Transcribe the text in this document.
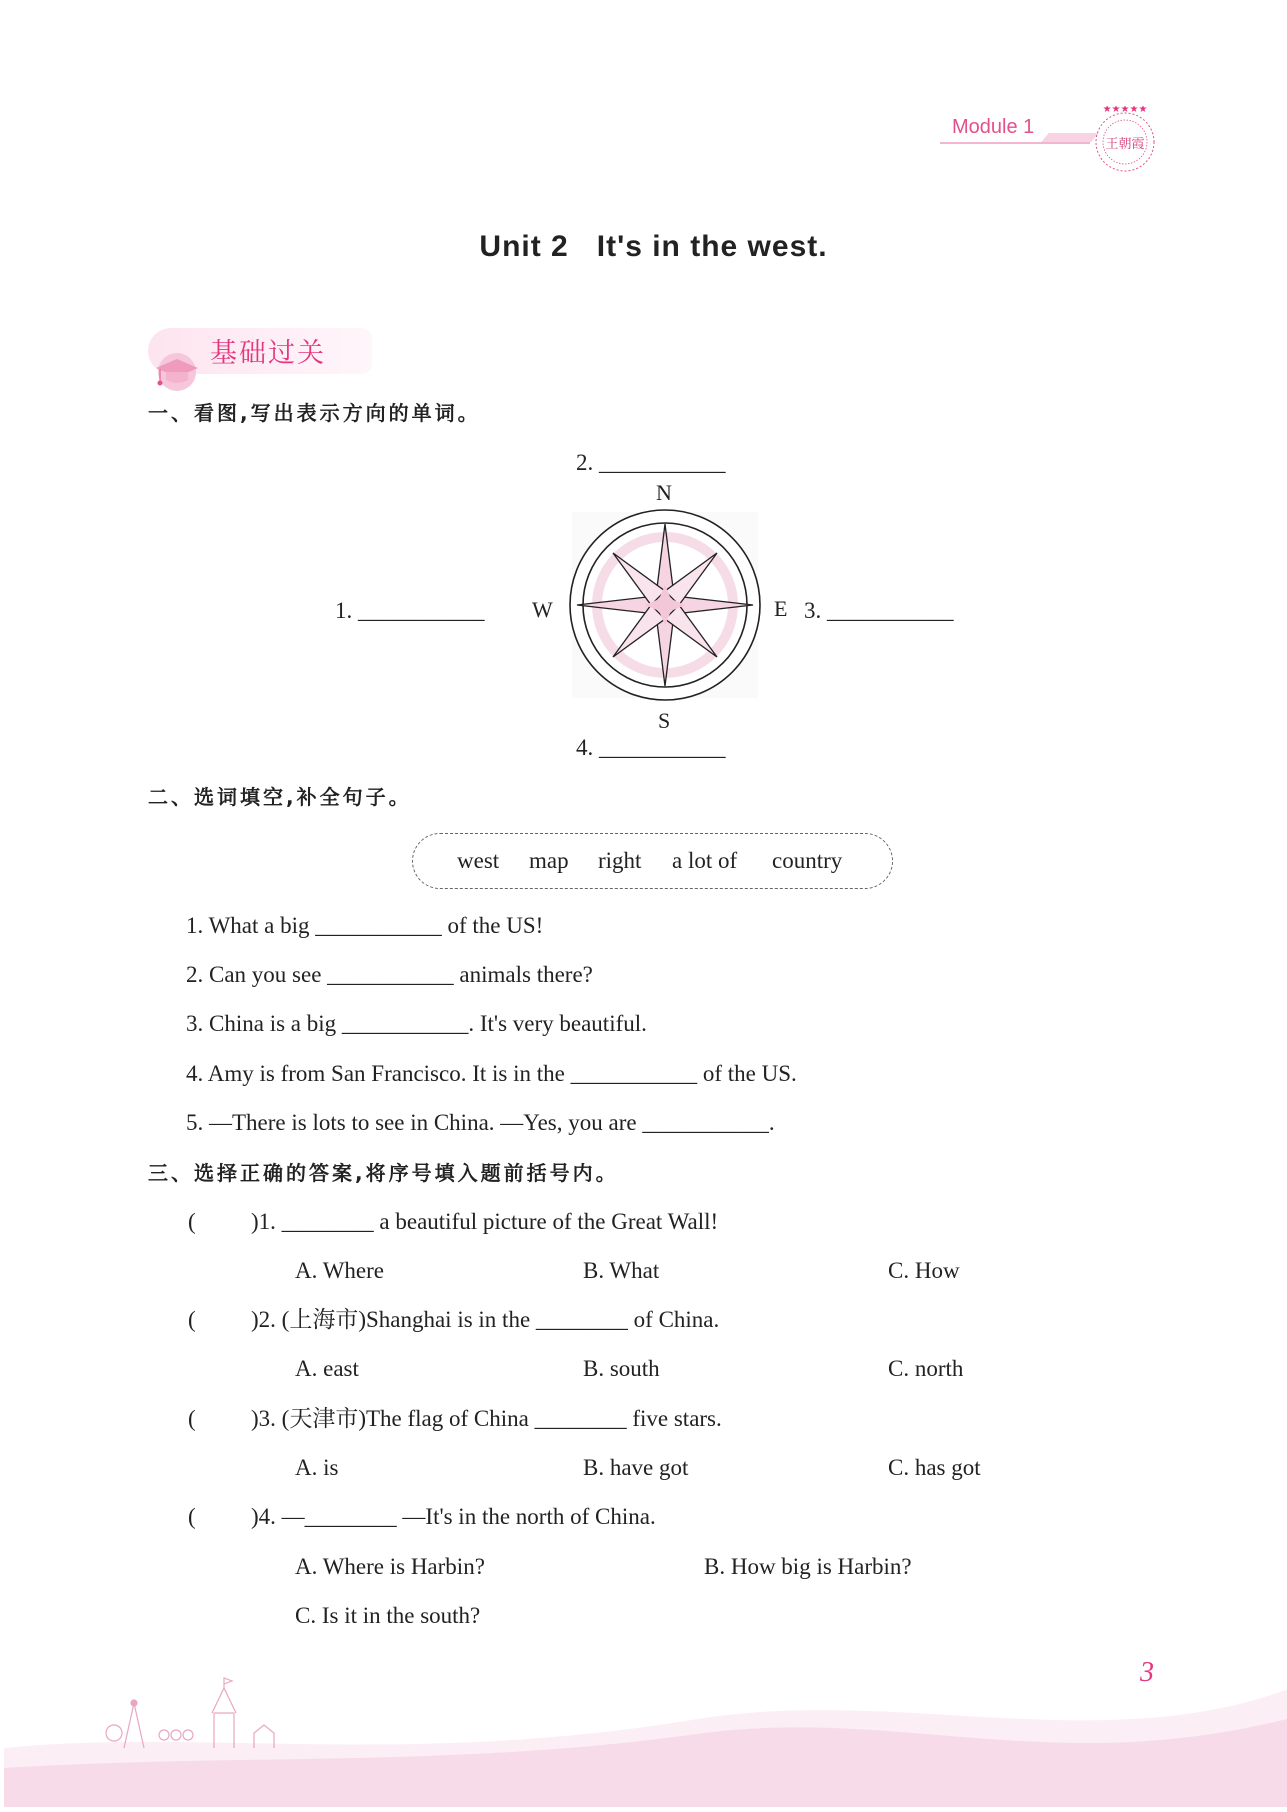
Module 1

★★★★★
王朝霞

Unit 2   It's in the west.

基础过关
一、看图,写出表示方向的单词。

2. ___________
1. ___________	3. ___________
4. ___________
N
S
W	E
二、选词填空,补全句子。
west map right a lot of country
1. What a big ___________ of the US!
2. Can you see ___________ animals there?
3. China is a big ___________. It's very beautiful.
4. Amy is from San Francisco. It is in the ___________ of the US.
5. —There is lots to see in China. —Yes, you are ___________.
三、选择正确的答案,将序号填入题前括号内。
( )1. ________ a beautiful picture of the Great Wall!
A. Where	B. What	C. How
( )2. (上海市)Shanghai is in the ________ of China.
A. east	B. south	C. north
( )3. (天津市)The flag of China ________ five stars.
A. is	B. have got	C. has got
( )4. —________ —It's in the north of China.
A. Where is Harbin?	B. How big is Harbin?
C. Is it in the south?

3
